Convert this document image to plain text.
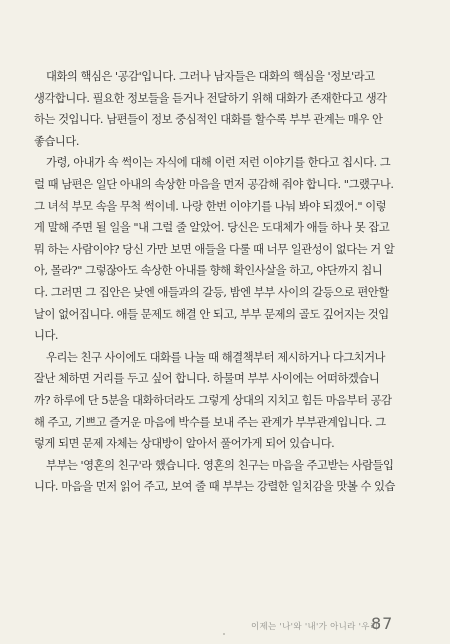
대화의 핵심은 '공감'입니다. 그러나 남자들은 대화의 핵심을 '정보'라고
생각합니다. 필요한 정보들을 듣거나 전달하기 위해 대화가 존재한다고 생각
하는 것입니다. 남편들이 정보 중심적인 대화를 할수록 부부 관계는 매우 안
좋습니다.
가령, 아내가 속 썩이는 자식에 대해 이런 저런 이야기를 한다고 칩시다. 그
럴 때 남편은 일단 아내의 속상한 마음을 먼저 공감해 줘야 합니다. "그랬구나.
그 녀석 부모 속을 무척 썩이네. 나랑 한번 이야기를 나눠 봐야 되겠어." 이렇
게 말해 주면 될 일을 "내 그럴 줄 알았어. 당신은 도대체가 애들 하나 못 잡고
뭐 하는 사람이야? 당신 가만 보면 애들을 다룰 때 너무 일관성이 없다는 거 알
아, 몰라?" 그렇잖아도 속상한 아내를 향해 확인사살을 하고, 야단까지 칩니
다. 그러면 그 집안은 낮엔 애들과의 갈등, 밤엔 부부 사이의 갈등으로 편안할
날이 없어집니다. 애들 문제도 해결 안 되고, 부부 문제의 골도 깊어지는 것입
니다.
우리는 친구 사이에도 대화를 나눌 때 해결책부터 제시하거나 다그치거나
잘난 체하면 거리를 두고 싶어 합니다. 하물며 부부 사이에는 어떠하겠습니
까? 하루에 단 5분을 대화하더라도 그렇게 상대의 지치고 힘든 마음부터 공감
해 주고, 기쁘고 즐거운 마음에 박수를 보내 주는 관계가 부부관계입니다. 그
렇게 되면 문제 자체는 상대방이 알아서 풀어가게 되어 있습니다.
부부는 '영혼의 친구'라 했습니다. 영혼의 친구는 마음을 주고받는 사람들입
니다. 마음을 먼저 읽어 주고, 보여 줄 때 부부는 강렬한 일치감을 맛볼 수 있습
이제는 '나'와 '내'가 아니라 '우리'
87
